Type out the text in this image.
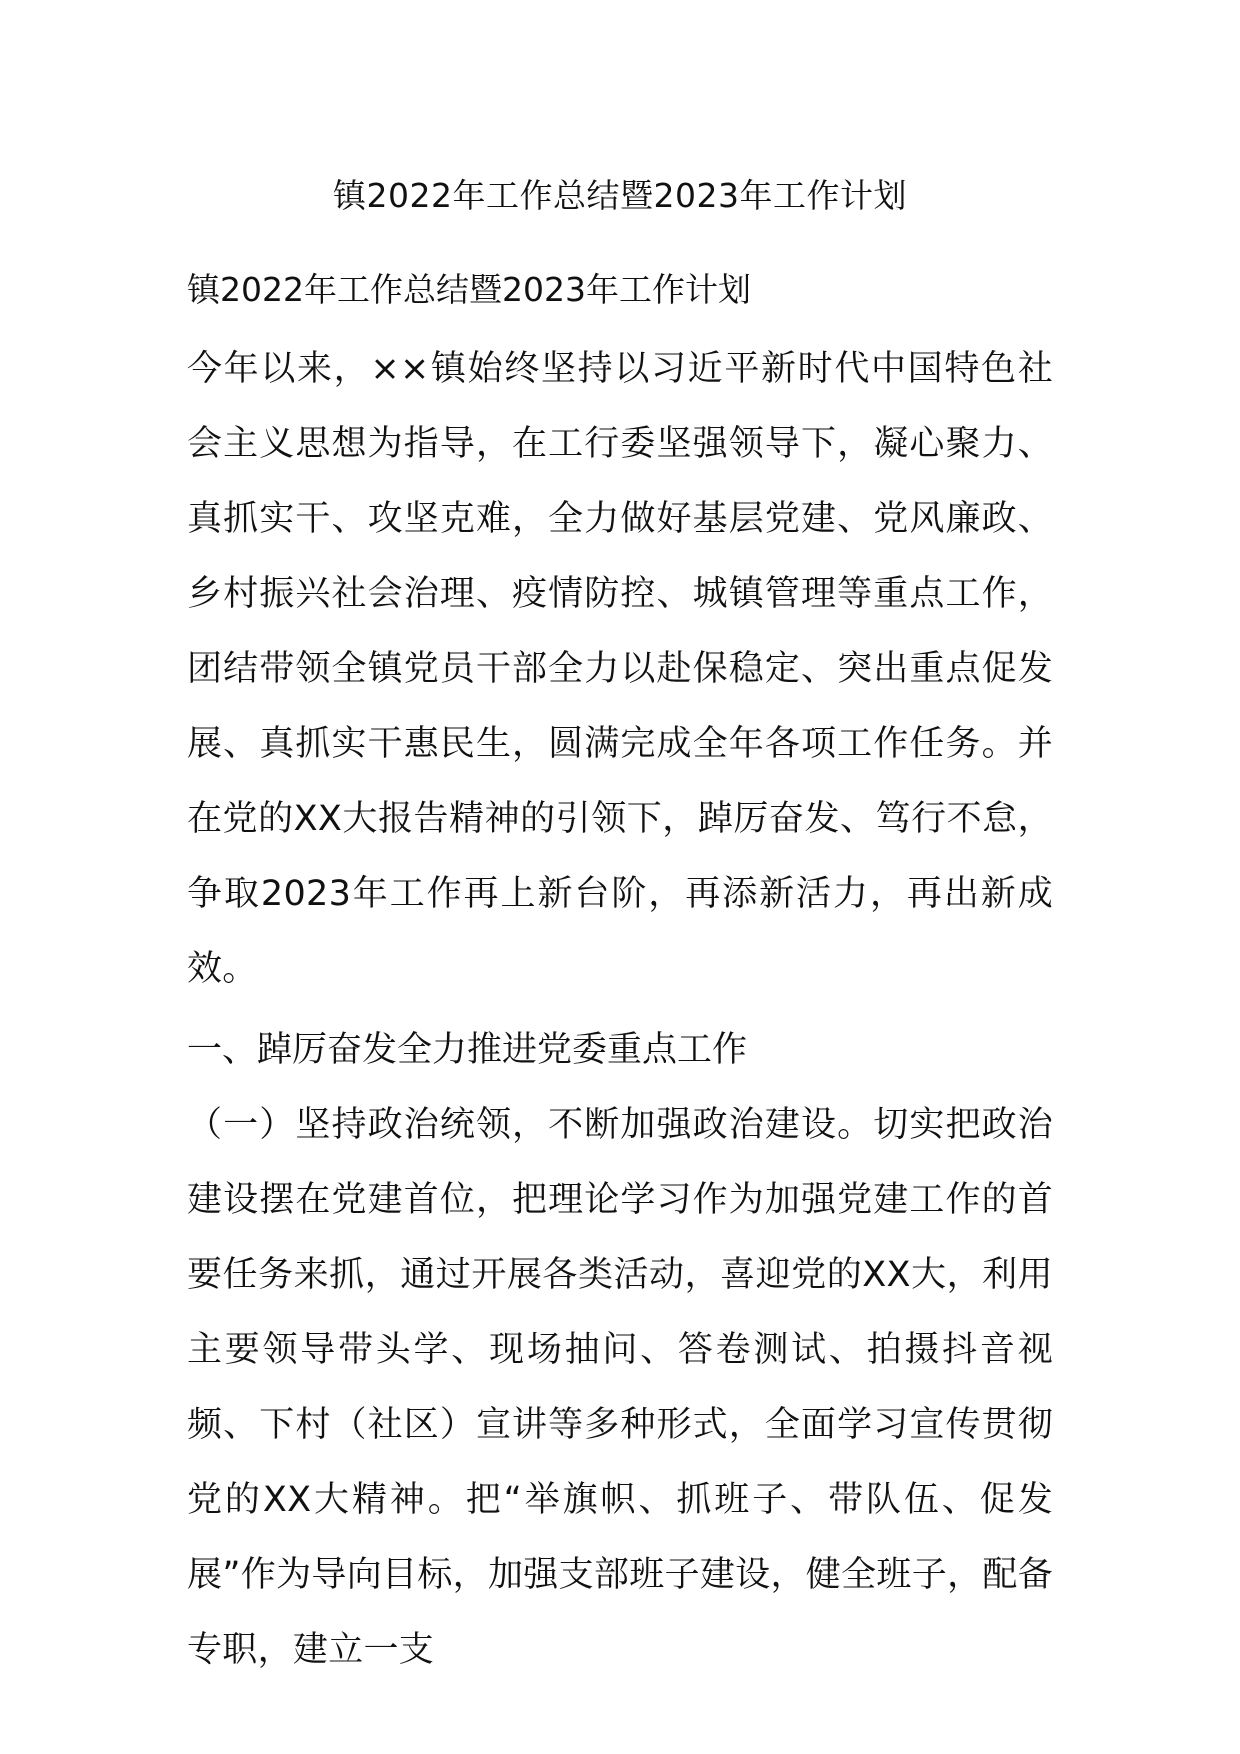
镇2022年工作总结暨2023年工作计划

镇2022年工作总结暨2023年工作计划

今年以来，××镇始终坚持以习近平新时代中国特色社会主义思想为指导，在工行委坚强领导下，凝心聚力、真抓实干、攻坚克难，全力做好基层党建、党风廉政、乡村振兴社会治理、疫情防控、城镇管理等重点工作，团结带领全镇党员干部全力以赴保稳定、突出重点促发展、真抓实干惠民生，圆满完成全年各项工作任务。并在党的XX大报告精神的引领下，踔厉奋发、笃行不怠，争取2023年工作再上新台阶，再添新活力，再出新成效。

一、踔厉奋发全力推进党委重点工作

（一）坚持政治统领，不断加强政治建设。切实把政治建设摆在党建首位，把理论学习作为加强党建工作的首要任务来抓，通过开展各类活动，喜迎党的XX大，利用主要领导带头学、现场抽问、答卷测试、拍摄抖音视频、下村（社区）宣讲等多种形式，全面学习宣传贯彻党的XX大精神。把“举旗帜、抓班子、带队伍、促发展”作为导向目标，加强支部班子建设，健全班子，配备专职，建立一支
